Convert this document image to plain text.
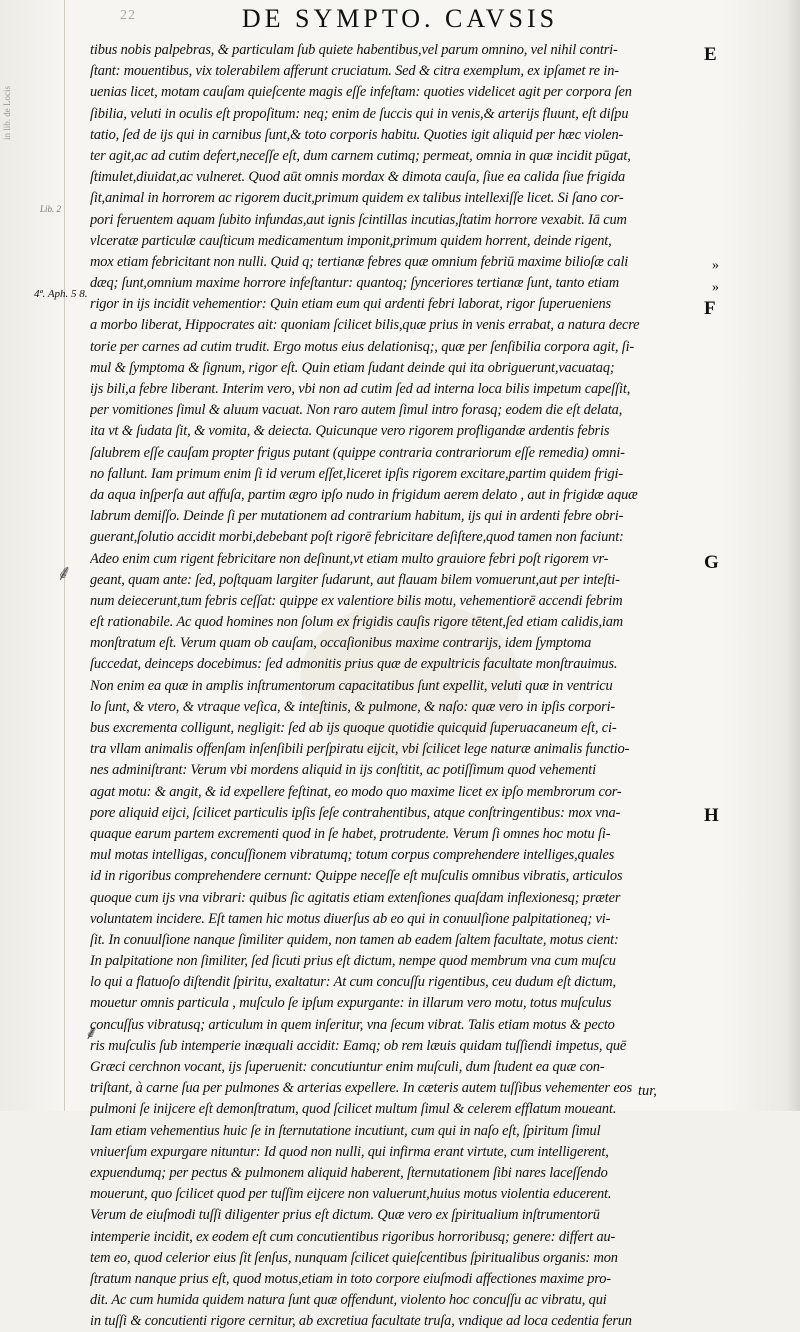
22	DE SYMPTO. CAVSIS
in lib. de Locis
Lib. 2
4ª. Aph. 5 8.
⸙
⸙
E
»
»
F
G
H
tibus nobis palpebras, & particulam ſub quiete habentibus,vel parum omnino, vel nihil contri-
ſtant: mouentibus, vix tolerabilem afferunt cruciatum. Sed & citra exemplum, ex ipſamet re in-
uenias licet, motam cauſam quieſcente magis eſſe infeſtam: quoties videlicet agit per corpora ſen
ſibilia, veluti in oculis eſt propoſitum: neq; enim de ſuccis qui in venis,& arterijs fluunt, eſt diſpu
tatio, ſed de ijs qui in carnibus ſunt,& toto corporis habitu. Quoties igit aliquid per hæc violen-
ter agit,ac ad cutim defert,neceſſe eſt, dum carnem cutimq; permeat, omnia in quæ incidit pūgat,
ſtimulet,diuidat,ac vulneret. Quod aūt omnis mordax & dimota cauſa, ſiue ea calida ſiue frigida
ſit,animal in horrorem ac rigorem ducit,primum quidem ex talibus intellexiſſe licet. Si ſano cor-
pori feruentem aquam ſubito infundas,aut ignis ſcintillas incutias,ſtatim horrore vexabit. Iā cum
vlceratæ particulæ cauſticum medicamentum imponit,primum quidem horrent, deinde rigent,
mox etiam febricitant non nulli. Quid q; tertianæ febres quæ omnium febriū maxime bilioſæ cali
dæq; ſunt,omnium maxime horrore infeſtantur: quantoq; ſynceriores tertianæ ſunt, tanto etiam
rigor in ijs incidit vehementior: Quin etiam eum qui ardenti febri laborat, rigor ſuperueniens
a morbo liberat, Hippocrates ait: quoniam ſcilicet bilis,quæ prius in venis errabat, a natura decre
torie per carnes ad cutim trudit. Ergo motus eius delationisq;, quæ per ſenſibilia corpora agit, ſi-
mul & ſymptoma & ſignum, rigor eſt. Quin etiam ſudant deinde qui ita obriguerunt,vacuataq;
ijs bili,a febre liberant. Interim vero, vbi non ad cutim ſed ad interna loca bilis impetum capeſſit,
per vomitiones ſimul & aluum vacuat. Non raro autem ſimul intro forasq; eodem die eſt delata,
ita vt & ſudata ſit, & vomita, & deiecta. Quicunque vero rigorem profligandæ ardentis febris
ſalubrem eſſe cauſam propter frigus putant (quippe contraria contrariorum eſſe remedia) omni-
no fallunt. Iam primum enim ſi id verum eſſet,liceret ipſis rigorem excitare,partim quidem frigi-
da aqua inſperſa aut affuſa, partim ægro ipſo nudo in frigidum aerem delato , aut in frigidæ aquæ
labrum demiſſo. Deinde ſi per mutationem ad contrarium habitum, ijs qui in ardenti febre obri-
guerant,ſolutio accidit morbi,debebant poſt rigorē febricitare deſiſtere,quod tamen non faciunt:
Adeo enim cum rigent febricitare non deſinunt,vt etiam multo grauiore febri poſt rigorem vr-
geant, quam ante: ſed, poſtquam largiter ſudarunt, aut flauam bilem vomuerunt,aut per inteſti-
num deiecerunt,tum febris ceſſat: quippe ex valentiore bilis motu, vehementiorē accendi febrim
eſt rationabile. Ac quod homines non ſolum ex frigidis cauſis rigore tētent,ſed etiam calidis,iam
monſtratum eſt. Verum quam ob cauſam, occaſionibus maxime contrarijs, idem ſymptoma
ſuccedat, deinceps docebimus: ſed admonitis prius quæ de expultricis facultate monſtrauimus.
Non enim ea quæ in amplis inſtrumentorum capacitatibus ſunt expellit, veluti quæ in ventricu
lo ſunt, & vtero, & vtraque veſica, & inteſtinis, & pulmone, & naſo: quæ vero in ipſis corpori-
bus excrementa colligunt, negligit: ſed ab ijs quoque quotidie quicquid ſuperuacaneum eſt, ci-
tra vllam animalis offenſam inſenſibili perſpiratu eijcit, vbi ſcilicet lege naturæ animalis functio-
nes adminiſtrant: Verum vbi mordens aliquid in ijs conſtitit, ac potiſſimum quod vehementi
agat motu: & angit, & id expellere feſtinat, eo modo quo maxime licet ex ipſo membrorum cor-
pore aliquid eijci, ſcilicet particulis ipſis ſeſe contrahentibus, atque conſtringentibus: mox vna-
quaque earum partem excrementi quod in ſe habet, protrudente. Verum ſi omnes hoc motu ſi-
mul motas intelligas, concuſſionem vibratumq; totum corpus comprehendere intelliges,quales
id in rigoribus comprehendere cernunt: Quippe neceſſe eſt muſculis omnibus vibratis, articulos
quoque cum ijs vna vibrari: quibus ſic agitatis etiam extenſiones quaſdam inflexionesq; præter
voluntatem incidere. Eſt tamen hic motus diuerſus ab eo qui in conuulſione palpitationeq; vi-
ſit. In conuulſione nanque ſimiliter quidem, non tamen ab eadem ſaltem facultate, motus cient:
In palpitatione non ſimiliter, ſed ſicuti prius eſt dictum, nempe quod membrum vna cum muſcu
lo qui a flatuoſo diſtendit ſpiritu, exaltatur: At cum concuſſu rigentibus, ceu dudum eſt dictum,
mouetur omnis particula , muſculo ſe ipſum expurgante: in illarum vero motu, totus muſculus
concuſſus vibratusq; articulum in quem inſeritur, vna ſecum vibrat. Talis etiam motus & pecto
ris muſculis ſub intemperie inæquali accidit: Eamq; ob rem læuis quidam tuſſiendi impetus, quē
Græci cerchnon vocant, ijs ſuperuenit: concutiuntur enim muſculi, dum ſtudent ea quæ con-
triſtant, à carne ſua per pulmones & arterias expellere. In cæteris autem tuſſibus vehementer eos
pulmoni ſe inijcere eſt demonſtratum, quod ſcilicet multum ſimul & celerem efflatum moueant.
Iam etiam vehementius huic ſe in ſternutatione incutiunt, cum qui in naſo eſt, ſpiritum ſimul
vniuerſum expurgare nituntur: Id quod non nulli, qui infirma erant virtute, cum intelligerent,
expuendumq; per pectus & pulmonem aliquid haberent, ſternutationem ſibi nares laceſſendo
mouerunt, quo ſcilicet quod per tuſſim eijcere non valuerunt,huius motus violentia educerent.
Verum de eiuſmodi tuſſi diligenter prius eſt dictum. Quæ vero ex ſpiritualium inſtrumentorū
intemperie incidit, ex eodem eſt cum concutientibus rigoribus horroribusq; genere: differt au-
tem eo, quod celerior eius ſit ſenſus, nunquam ſcilicet quieſcentibus ſpiritualibus organis: mon
ſtratum nanque prius eſt, quod motus,etiam in toto corpore eiuſmodi affectiones maxime pro-
dit. Ac cum humida quidem natura ſunt quæ offendunt, violento hoc concuſſu ac vibratu, qui
in tuſſi & concutienti rigore cernitur, ab excretiua facultate truſa, vndique ad loca cedentia ferun
tur,
